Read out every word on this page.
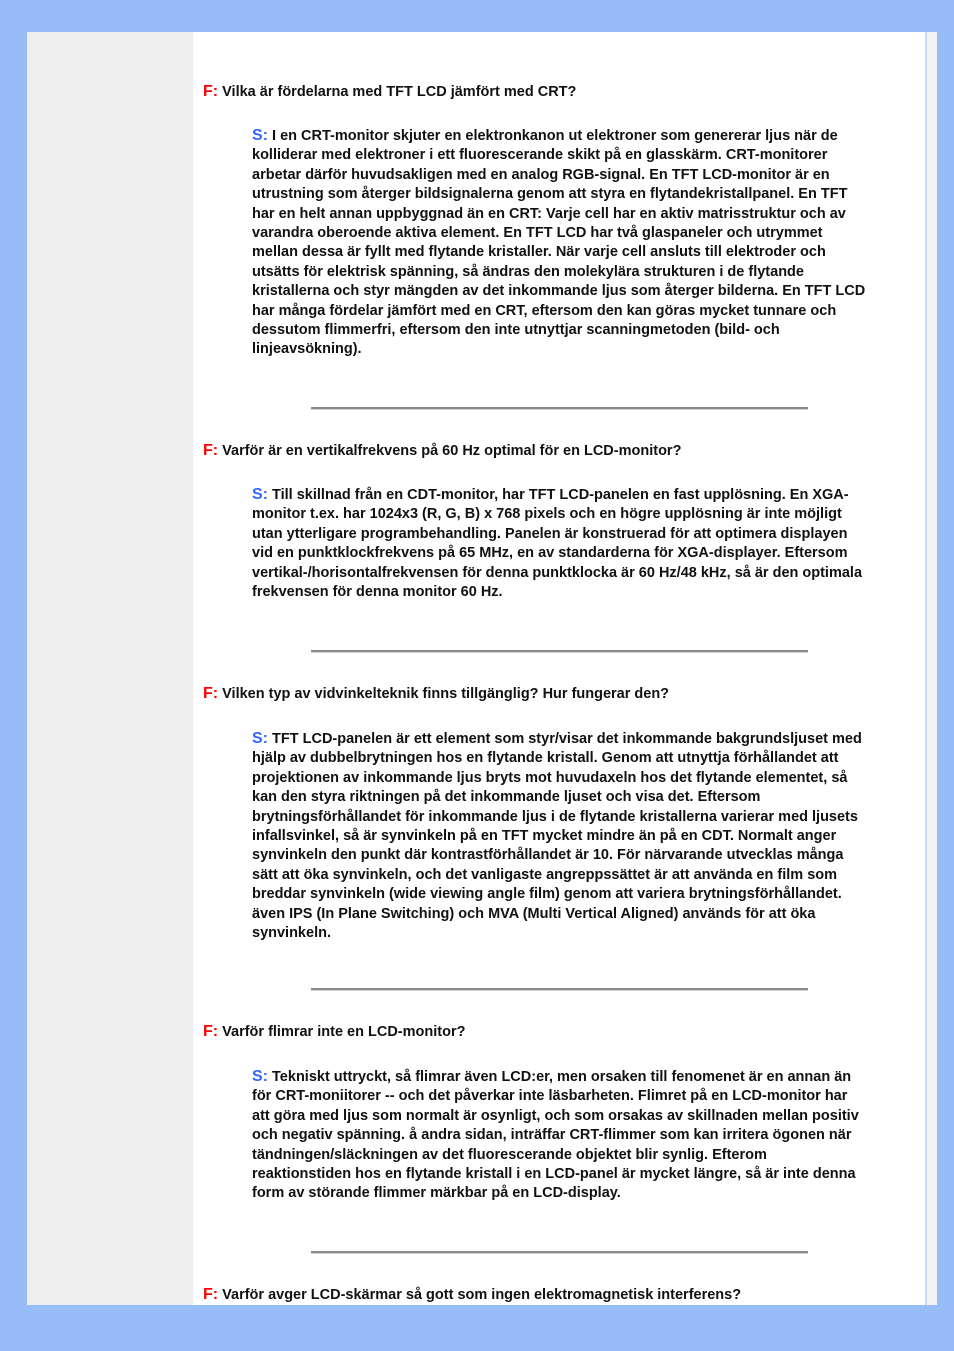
F: Vilka är fördelarna med TFT LCD jämfört med CRT?
S: I en CRT-monitor skjuter en elektronkanon ut elektroner som genererar ljus när de kolliderar med elektroner i ett fluorescerande skikt på en glasskärm. CRT-monitorer arbetar därför huvudsakligen med en analog RGB-signal. En TFT LCD-monitor är en utrustning som återger bildsignalerna genom att styra en flytandekristallpanel. En TFT har en helt annan uppbyggnad än en CRT: Varje cell har en aktiv matrisstruktur och av varandra oberoende aktiva element. En TFT LCD har två glaspaneler och utrymmet mellan dessa är fyllt med flytande kristaller. När varje cell ansluts till elektroder och utsätts för elektrisk spänning, så ändras den molekylära strukturen i de flytande kristallerna och styr mängden av det inkommande ljus som återger bilderna. En TFT LCD har många fördelar jämfört med en CRT, eftersom den kan göras mycket tunnare och dessutom flimmerfri, eftersom den inte utnyttjar scanningmetoden (bild- och linjeavsökning).
F: Varför är en vertikalfrekvens på 60 Hz optimal för en LCD-monitor?
S: Till skillnad från en CDT-monitor, har TFT LCD-panelen en fast upplösning. En XGA-monitor t.ex. har 1024x3 (R, G, B) x 768 pixels och en högre upplösning är inte möjligt utan ytterligare programbehandling. Panelen är konstruerad för att optimera displayen vid en punktklockfrekvens på 65 MHz, en av standarderna för XGA-displayer. Eftersom vertikal-/horisontalfrekvensen för denna punktklocka är 60 Hz/48 kHz, så är den optimala frekvensen för denna monitor 60 Hz.
F: Vilken typ av vidvinkelteknik finns tillgänglig? Hur fungerar den?
S: TFT LCD-panelen är ett element som styr/visar det inkommande bakgrundsljuset med hjälp av dubbelbrytningen hos en flytande kristall. Genom att utnyttja förhållandet att projektionen av inkommande ljus bryts mot huvudaxeln hos det flytande elementet, så kan den styra riktningen på det inkommande ljuset och visa det. Eftersom brytningsförhållandet för inkommande ljus i de flytande kristallerna varierar med ljusets infallsvinkel, så är synvinkeln på en TFT mycket mindre än på en CDT. Normalt anger synvinkeln den punkt där kontrastförhållandet är 10. För närvarande utvecklas många sätt att öka synvinkeln, och det vanligaste angreppssättet är att använda en film som breddar synvinkeln (wide viewing angle film) genom att variera brytningsförhållandet. även IPS (In Plane Switching) och MVA (Multi Vertical Aligned) används för att öka synvinkeln.
F: Varför flimrar inte en LCD-monitor?
S: Tekniskt uttryckt, så flimrar även LCD:er, men orsaken till fenomenet är en annan än för CRT-moniitorer -- och det påverkar inte läsbarheten. Flimret på en LCD-monitor har att göra med ljus som normalt är osynligt, och som orsakas av skillnaden mellan positiv och negativ spänning. å andra sidan, inträffar CRT-flimmer som kan irritera ögonen när tändningen/släckningen av det fluorescerande objektet blir synlig. Efterom reaktionstiden hos en flytande kristall i en LCD-panel är mycket längre, så är inte denna form av störande flimmer märkbar på en LCD-display.
F: Varför avger LCD-skärmar så gott som ingen elektromagnetisk interferens?
